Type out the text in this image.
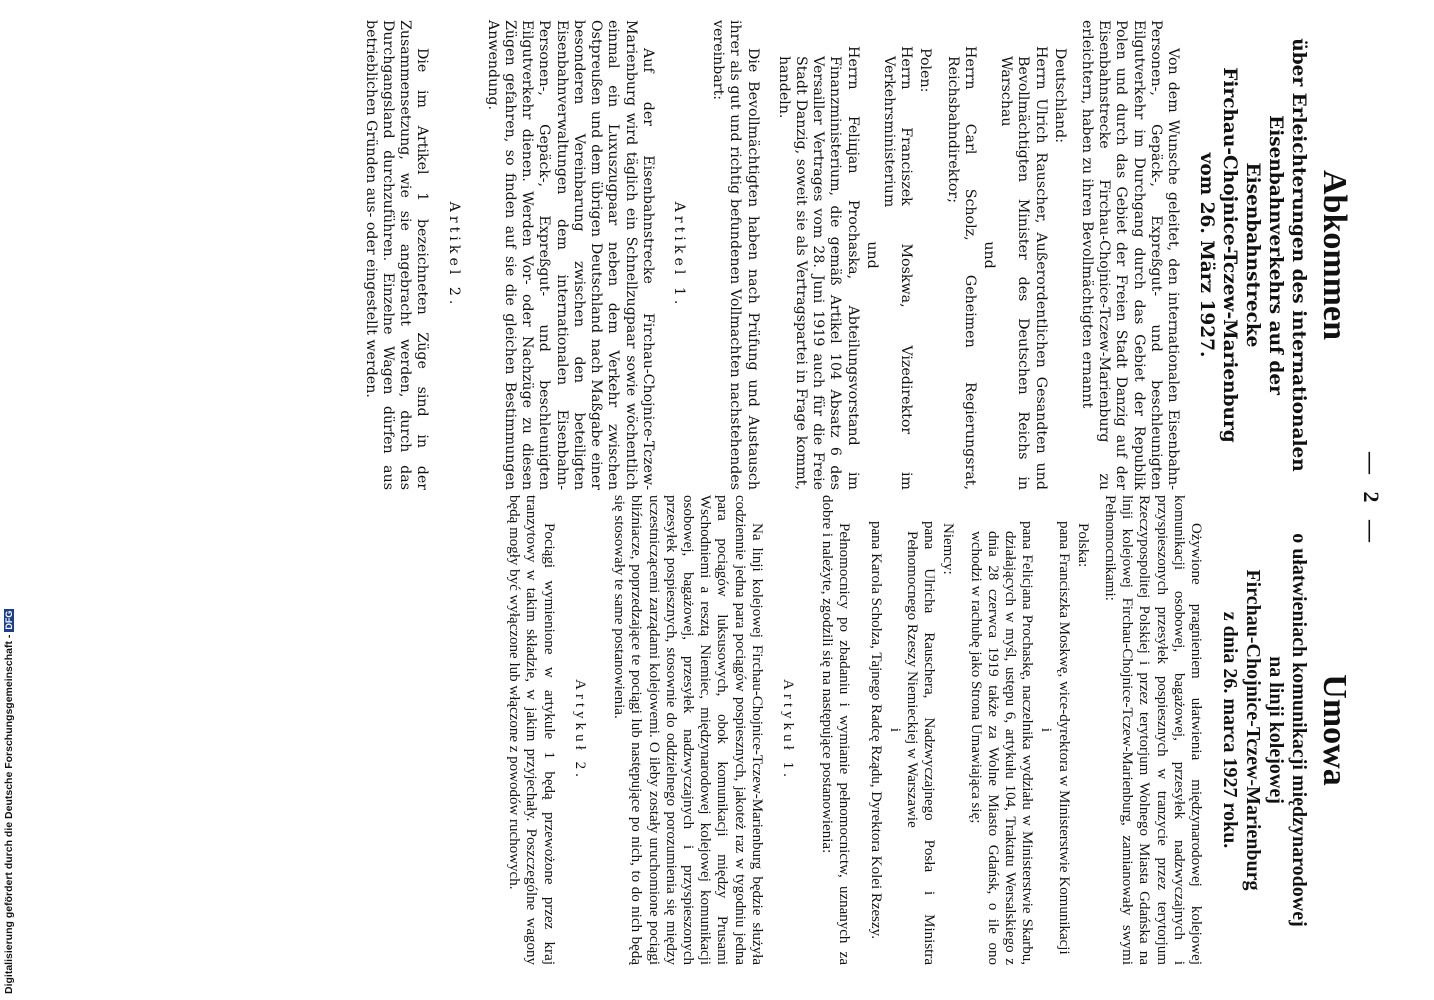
— 2 —
Abkommen

über Erleichterungen des internationalen
Eisenbahnverkehrs auf der Eisenbahnstrecke
Firchau-Chojnice-Tczew-Marienburg
vom 26. März 1927.

Von dem Wunsche geleitet, den internationalen Eisenbahn-Personen-, Gepäck-, Expreßgut- und beschleunigten Eilgutverkehr im Durchgang durch das Gebiet der Republik Polen und durch das Gebiet der Freien Stadt Danzig auf der Eisenbahnstrecke Firchau-Chojnice-Tczew-Marienburg zu erleichtern, haben zu ihren Bevollmächtigten ernannt

Deutschland:

Herrn Ulrich Rauscher, Außerordentlichen Gesandten und Bevollmächtigten Minister des Deutschen Reichs in Warschau

und

Herrn Carl Scholz, Geheimen Regierungsrat, Reichsbahndirektor;

Polen:

Herrn Franciszek Moskwa, Vizedirektor im Verkehrsministerium

und

Herrn Feliцjan Prochaska, Abteilungsvorstand im Finanzministerium, die gemäß Artikel 104 Absatz 6 des Versailler Vertrages vom 28. Juni 1919 auch für die Freie Stadt Danzig, soweit sie als Vertragspartei in Frage kommt, handeln.

Die Bevollmächtigten haben nach Prüfung und Austausch ihrer als gut und richtig befundenen Vollmachten nachstehendes vereinbart:

Artikel 1.

Auf der Eisenbahnstrecke Firchau-Chojnice-Tczew-Marienburg wird täglich ein Schnellzugpaar sowie wöchentlich einmal ein Luxuszugpaar neben dem Verkehr zwischen Ostpreußen und dem übrigen Deutschland nach Maßgabe einer besonderen Vereinbarung zwischen den beteiligten Eisenbahnverwaltungen dem internationalen Eisenbahn-Personen-, Gepäck-, Expreßgut- und beschleunigten Eilgutverkehr dienen. Werden Vor- oder Nachzüge zu diesen Zügen gefahren, so finden auf sie die gleichen Bestimmungen Anwendung.

Artikel 2.

Die im Artikel 1 bezeichneten Züge sind in der Zusammensetzung, wie sie angebracht werden, durch das Durchgangsland durchzuführen. Einzelne Wagen dürfen aus betrieblichen Gründen aus- oder eingestellt werden.

Umowa

o ułatwieniach komunikacji międzynarodowej
na linji kolejowej
Firchau-Chojnice-Tczew-Marienburg
z dnia 26. marca 1927 roku.

Ożywione pragnieniem ułatwienia międzynarodowej kolejowej komunikacji osobowej, bagażowej, przesyłek nadzwyczajnych i przyspieszonych przesyłek pospiesznych w tranzycie przez terytorjum Rzeczypospolitej Polskiej i przez terytorjum Wolnego Miasta Gdańska na linji kolejowej Firchau-Chojnice-Tczew-Marienburg, zamianowały swymi Pełnomocnikami:

Polska:

pana Franciszka Moskwę, wice-dyrektora w Ministerstwie Komunikacji

i

pana Felicjana Prochaskę, naczelnika wydziału w Ministerstwie Skarbu, działających w myśl, ustępu 6, artykułu 104, Traktatu Wersalskiego z dnia 28 czerwca 1919 także za Wolne Miasto Gdańsk, o ile ono wchodzi w rachubę jako Strona Umawiająca się;

Niemcy:

pana Ulricha Rauschera, Nadzwyczajnego Posła i Ministra Pełnomocnego Rzeszy Niemieckiej w Warszawie

i

pana Karola Scholza, Tajnego Radcę Rządu, Dyrektora Kolei Rzeszy.

Pełnomocnicy po zbadaniu i wymianie pełnomocnictw, uznanych za dobre i należyte, zgodzili się na następujące postanowienia:

Artykuł 1.

Na linji kolejowej Firchau-Chojnice-Tczew-Marienburg będzie służyła codziennie jedna para pociągów pospiesznych, jakoteż raz w tygodniu jedna para pociągów luksusowych, obok komunikacji między Prusami Wschodniemi a resztą Niemiec, międzynarodowej kolejowej komunikacji osobowej, bagażowej, przesyłek nadzwyczajnych i przyspieszonych przesyłek pospiesznych, stosownie do oddzielnego porozumienia się między uczestniczącemi zarządami kolejowemi. O ileby zostały uruchomione pociągi bliźniacze, poprzedzające te pociągi lub następujące po nich, to do nich będą się stosowały te same postanowienia.

Artykuł 2.

Pociągi wymienione w artykule 1 będą przewożone przez kraj tranzytowy w takim składzie, w jakim przyjechały. Poszczególne wagony będą mogły być wyłączone lub włączone z powodów ruchowych.

Digitalisierung gefördert durch die Deutsche Forschungsgemeinschaft -DFG
